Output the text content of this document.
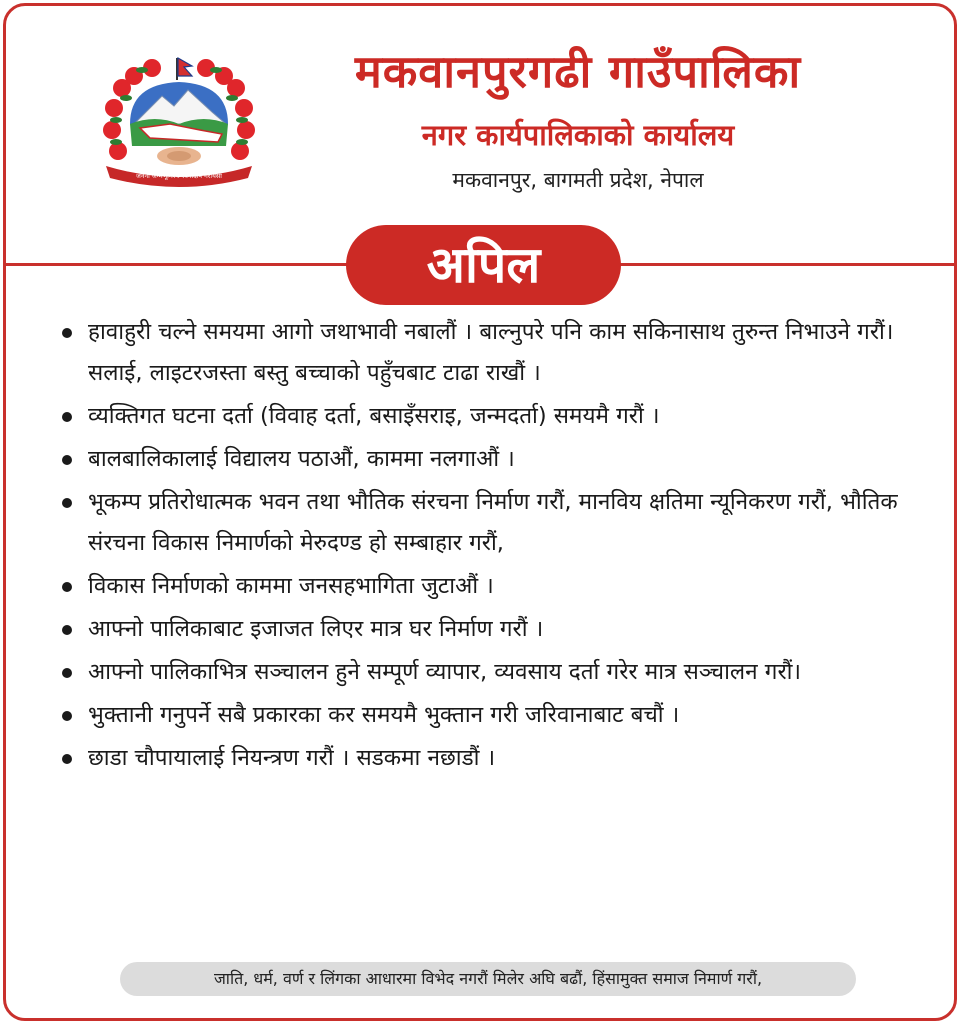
जननी जन्मभूमिश्च स्वर्गादपि गरीयसी
मकवानपुरगढी गाउँपालिका
नगर कार्यपालिकाको कार्यालय
मकवानपुर, बागमती प्रदेश, नेपाल
अपिल
हावाहुरी चल्ने समयमा आगो जथाभावी नबालौं । बाल्नुपरे पनि काम सकिनासाथ तुरुन्त निभाउने गरौं। सलाई, लाइटरजस्ता बस्तु बच्चाको पहुँचबाट टाढा राखौं ।
व्यक्तिगत घटना दर्ता (विवाह दर्ता, बसाइँसराइ, जन्मदर्ता) समयमै गरौं ।
बालबालिकालाई विद्यालय पठाऔं, काममा नलगाऔं ।
भूकम्प प्रतिरोधात्मक भवन तथा भौतिक संरचना निर्माण गरौं, मानविय क्षतिमा न्यूनिकरण गरौं, भौतिक संरचना विकास निमार्णको मेरुदण्ड हो सम्बाहार गरौं,
विकास निर्माणको काममा जनसहभागिता जुटाऔं ।
आफ्नो पालिकाबाट इजाजत लिएर मात्र घर निर्माण गरौं ।
आफ्नो पालिकाभित्र सञ्चालन हुने सम्पूर्ण व्यापार, व्यवसाय दर्ता गरेर मात्र सञ्चालन गरौं।
भुक्तानी गनुपर्ने सबै प्रकारका कर समयमै भुक्तान गरी जरिवानाबाट बचौं ।
छाडा चौपायालाई नियन्त्रण गरौं । सडकमा नछाडौं ।
जाति, धर्म, वर्ण र लिंगका आधारमा विभेद नगरौं मिलेर अघि बढौं, हिंसामुक्त समाज निमार्ण गरौं,
